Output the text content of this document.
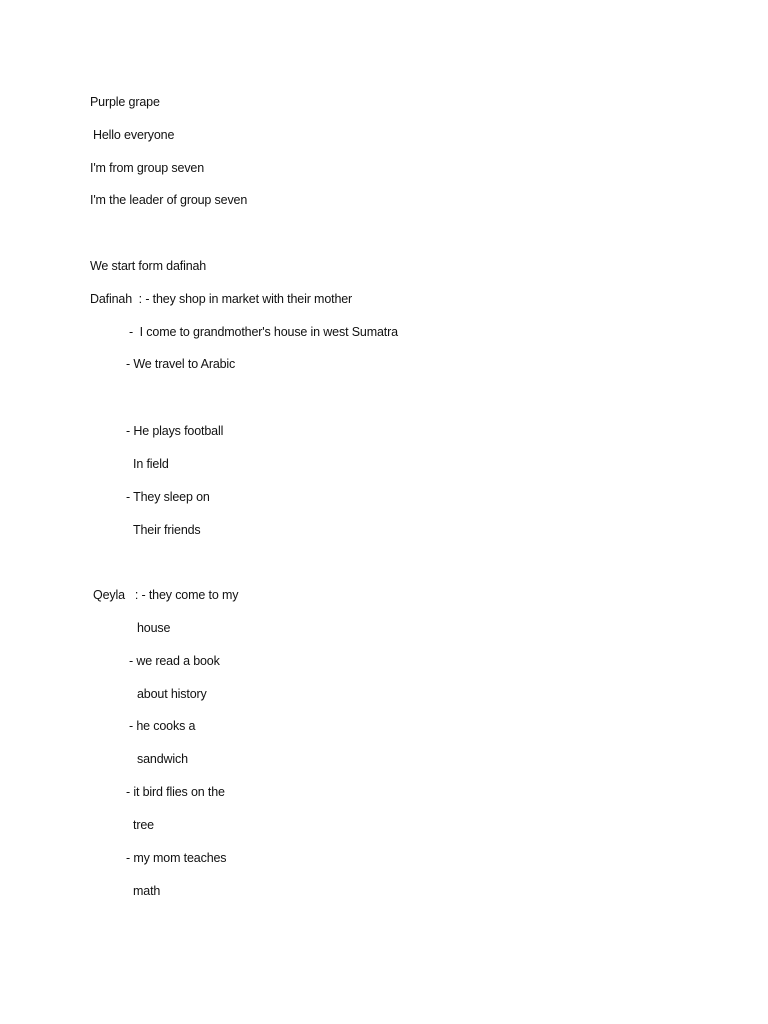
Purple grape
Hello everyone
I'm from group seven
I'm the leader of group seven
We start form dafinah
Dafinah  : - they shop in market with their mother
-  I come to grandmother's house in west Sumatra
- We travel to Arabic
- He plays football
In field
- They sleep on
Their friends
Qeyla   : - they come to my
house
- we read a book
about history
- he cooks a
sandwich
- it bird flies on the
tree
- my mom teaches
math
